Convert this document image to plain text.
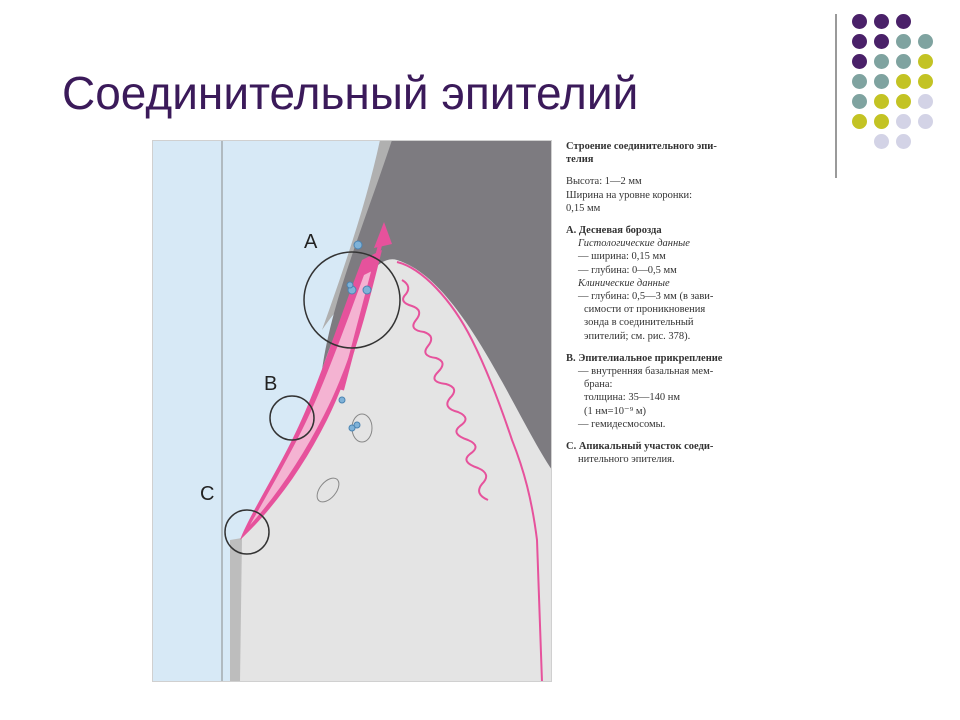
Соединительный эпителий
A
B
C

Строение соединительного эпи-

телия

Высота: 1—2 мм

Ширина на уровне коронки:

0,15 мм

А. Десневая борозда

Гистологические данные

— ширина: 0,15 мм

— глубина: 0—0,5 мм

Клинические данные

— глубина: 0,5—3 мм (в зави-

симости от проникновения

зонда в соединительный

эпителий; см. рис. 378).

В. Эпителиальное прикрепление

— внутренняя базальная мем-

брана:

толщина: 35—140 нм

(1 нм=10⁻⁹ м)

— гемидесмосомы.

С. Апикальный участок соеди-

нительного эпителия.
